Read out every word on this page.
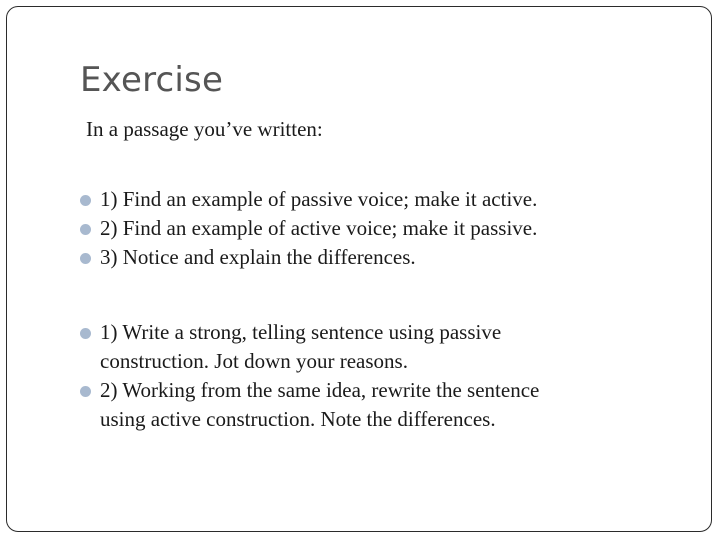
Exercise
In a passage you’ve written:
1) Find an example of passive voice; make it active.
2) Find an example of active voice; make it passive.
3) Notice and explain the differences.
1) Write a strong, telling sentence using passive
construction. Jot down your reasons.
2) Working from the same idea, rewrite the sentence
using active construction. Note the differences.
